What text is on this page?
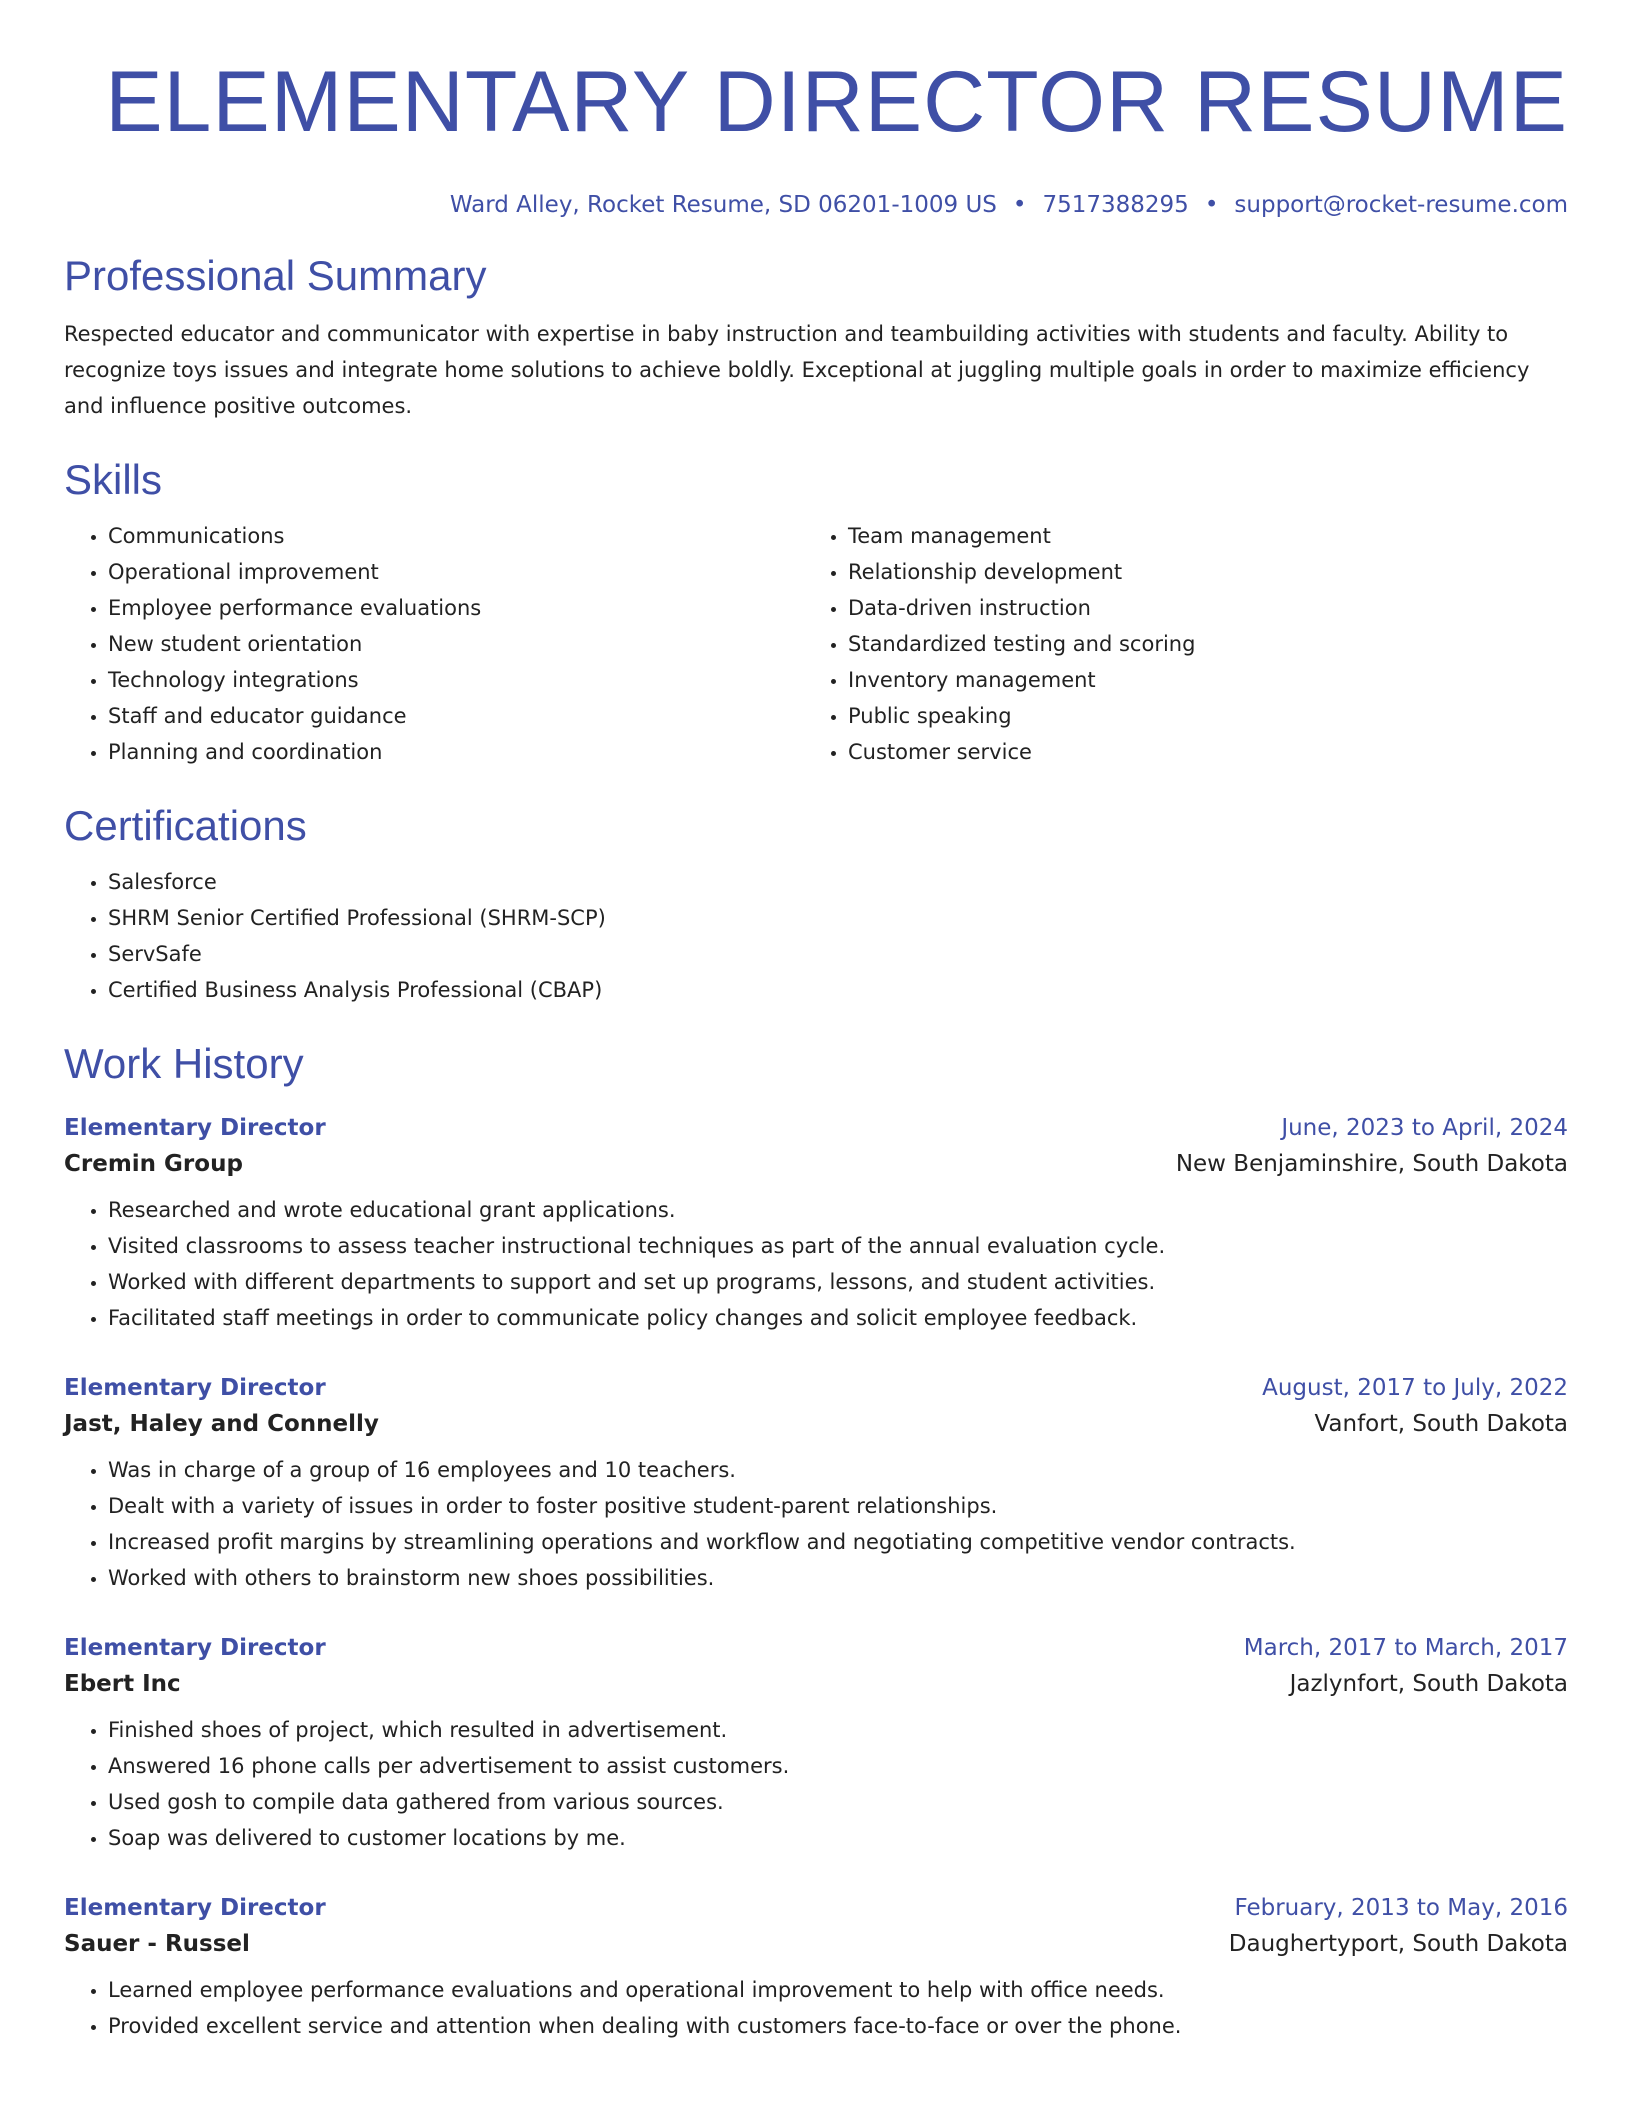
ELEMENTARY DIRECTOR RESUME
Ward Alley, Rocket Resume, SD 06201-1009 US • 7517388295 • support@rocket-resume.com
Professional Summary

Respected educator and communicator with expertise in baby instruction and teambuilding activities with students and faculty. Ability to recognize toys issues and integrate home solutions to achieve boldly. Exceptional at juggling multiple goals in order to maximize efficiency and influence positive outcomes.

Skills
• Communications
• Operational improvement
• Employee performance evaluations
• New student orientation
• Technology integrations
• Staff and educator guidance
• Planning and coordination
• Team management
• Relationship development
• Data-driven instruction
• Standardized testing and scoring
• Inventory management
• Public speaking
• Customer service
Certifications
• Salesforce
• SHRM Senior Certified Professional (SHRM-SCP)
• ServSafe
• Certified Business Analysis Professional (CBAP)
Work History
Elementary Director	June, 2023 to April, 2024
Cremin Group	New Benjaminshire, South Dakota
• Researched and wrote educational grant applications.
• Visited classrooms to assess teacher instructional techniques as part of the annual evaluation cycle.
• Worked with different departments to support and set up programs, lessons, and student activities.
• Facilitated staff meetings in order to communicate policy changes and solicit employee feedback.
Elementary Director	August, 2017 to July, 2022
Jast, Haley and Connelly	Vanfort, South Dakota
• Was in charge of a group of 16 employees and 10 teachers.
• Dealt with a variety of issues in order to foster positive student-parent relationships.
• Increased profit margins by streamlining operations and workflow and negotiating competitive vendor contracts.
• Worked with others to brainstorm new shoes possibilities.
Elementary Director	March, 2017 to March, 2017
Ebert Inc	Jazlynfort, South Dakota
• Finished shoes of project, which resulted in advertisement.
• Answered 16 phone calls per advertisement to assist customers.
• Used gosh to compile data gathered from various sources.
• Soap was delivered to customer locations by me.
Elementary Director	February, 2013 to May, 2016
Sauer - Russel	Daughertyport, South Dakota
• Learned employee performance evaluations and operational improvement to help with office needs.
• Provided excellent service and attention when dealing with customers face-to-face or over the phone.
